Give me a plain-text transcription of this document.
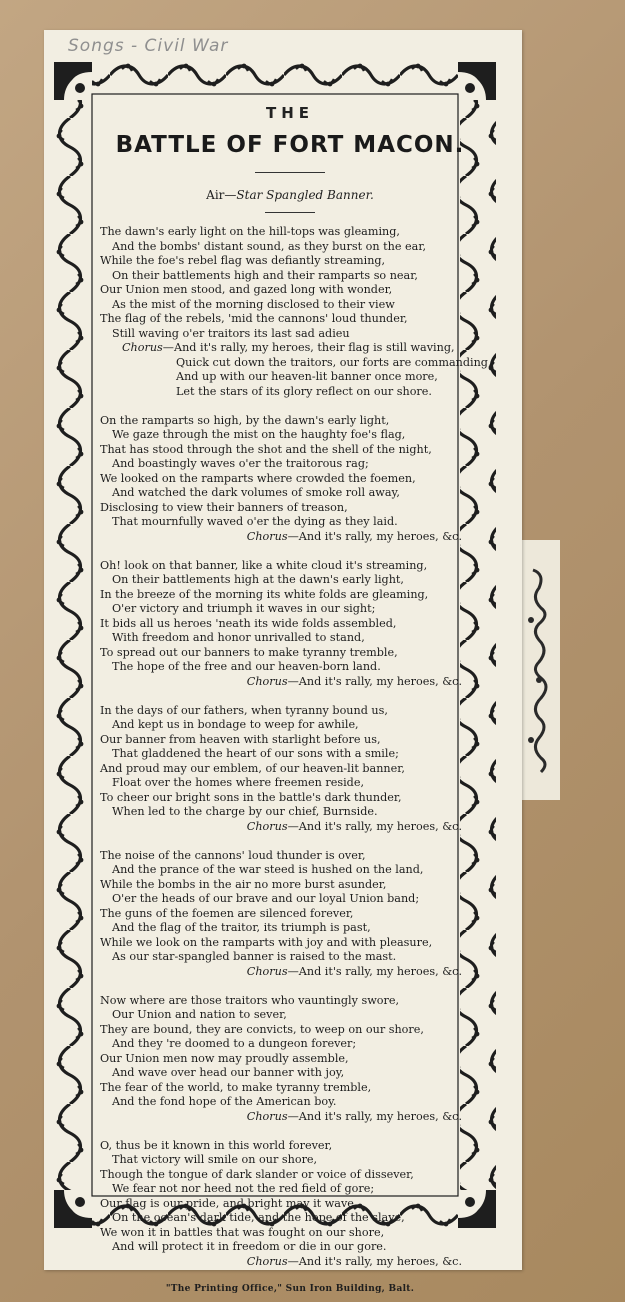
Songs - Civil War
THE
BATTLE OF FORT MACON.
Air—Star Spangled Banner.
The dawn's early light on the hill-tops was gleaming,
And the bombs' distant sound, as they burst on the ear,
While the foe's rebel flag was defiantly streaming,
On their battlements high and their ramparts so near,
Our Union men stood, and gazed long with wonder,
As the mist of the morning disclosed to their view
The flag of the rebels, 'mid the cannons' loud thunder,
Still waving o'er traitors its last sad adieu
Chorus—And it's rally, my heroes, their flag is still waving,
Quick cut down the traitors, our forts are commanding,
And up with our heaven-lit banner once more,
Let the stars of its glory reflect on our shore.
On the ramparts so high, by the dawn's early light,
We gaze through the mist on the haughty foe's flag,
That has stood through the shot and the shell of the night,
And boastingly waves o'er the traitorous rag;
We looked on the ramparts where crowded the foemen,
And watched the dark volumes of smoke roll away,
Disclosing to view their banners of treason,
That mournfully waved o'er the dying as they laid.
Chorus—And it's rally, my heroes, &c.
Oh! look on that banner, like a white cloud it's streaming,
On their battlements high at the dawn's early light,
In the breeze of the morning its white folds are gleaming,
O'er victory and triumph it waves in our sight;
It bids all us heroes 'neath its wide folds assembled,
With freedom and honor unrivalled to stand,
To spread out our banners to make tyranny tremble,
The hope of the free and our heaven-born land.
Chorus—And it's rally, my heroes, &c.
In the days of our fathers, when tyranny bound us,
And kept us in bondage to weep for awhile,
Our banner from heaven with starlight before us,
That gladdened the heart of our sons with a smile;
And proud may our emblem, of our heaven-lit banner,
Float over the homes where freemen reside,
To cheer our bright sons in the battle's dark thunder,
When led to the charge by our chief, Burnside.
Chorus—And it's rally, my heroes, &c.
The noise of the cannons' loud thunder is over,
And the prance of the war steed is hushed on the land,
While the bombs in the air no more burst asunder,
O'er the heads of our brave and our loyal Union band;
The guns of the foemen are silenced forever,
And the flag of the traitor, its triumph is past,
While we look on the ramparts with joy and with pleasure,
As our star-spangled banner is raised to the mast.
Chorus—And it's rally, my heroes, &c.
Now where are those traitors who vauntingly swore,
Our Union and nation to sever,
They are bound, they are convicts, to weep on our shore,
And they 're doomed to a dungeon forever;
Our Union men now may proudly assemble,
And wave over head our banner with joy,
The fear of the world, to make tyranny tremble,
And the fond hope of the American boy.
Chorus—And it's rally, my heroes, &c.
O, thus be it known in this world forever,
That victory will smile on our shore,
Though the tongue of dark slander or voice of dissever,
We fear not nor heed not the red field of gore;
Our flag is our pride, and bright may it wave,
On the ocean's dark tide, and the hope of the slave,
We won it in battles that was fought on our shore,
And will protect it in freedom or die in our gore.
Chorus—And it's rally, my heroes, &c.
"The Printing Office," Sun Iron Building, Balt.
